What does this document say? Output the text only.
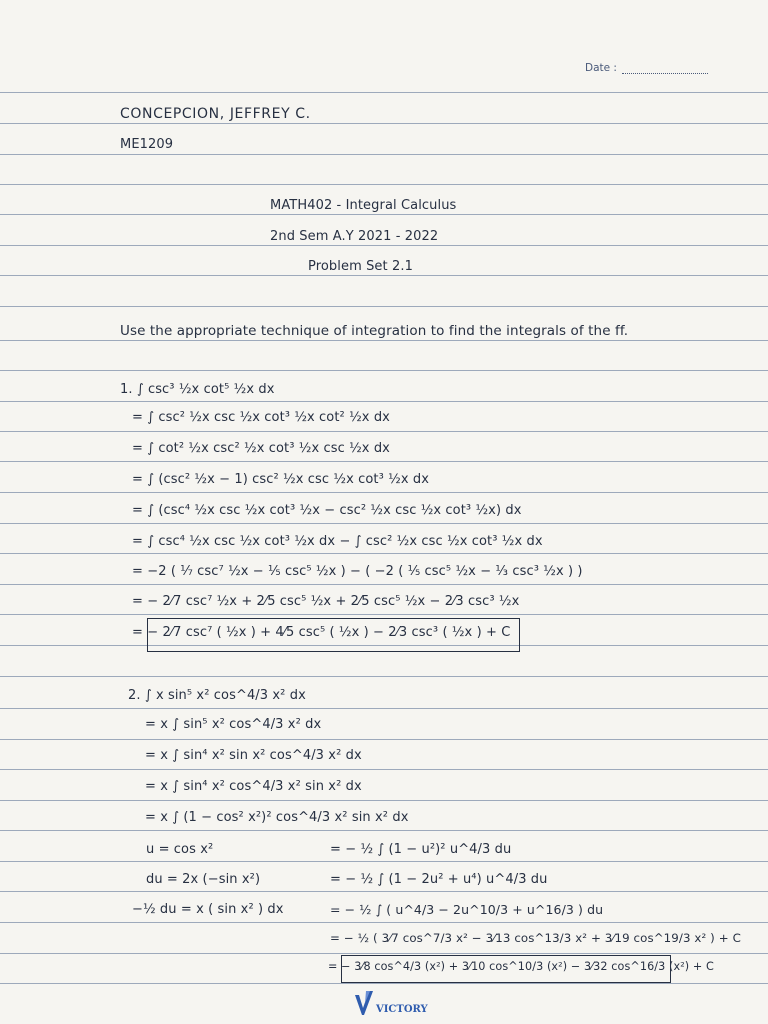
Date :
CONCEPCION, JEFFREY C.
ME1209
MATH402 - Integral Calculus
2nd Sem A.Y 2021 - 2022
Problem Set 2.1
Use the appropriate technique of integration to find the integrals of the ff.
1. ∫ csc³ ½x cot⁵ ½x dx
= ∫ csc² ½x csc ½x cot³ ½x cot² ½x dx
= ∫ cot² ½x csc² ½x cot³ ½x csc ½x dx
= ∫ (csc² ½x − 1) csc² ½x csc ½x cot³ ½x dx
= ∫ (csc⁴ ½x csc ½x cot³ ½x − csc² ½x csc ½x cot³ ½x) dx
= ∫ csc⁴ ½x csc ½x cot³ ½x dx − ∫ csc² ½x csc ½x cot³ ½x dx
= −2 ( ⅐ csc⁷ ½x − ⅕ csc⁵ ½x ) − ( −2 ( ⅕ csc⁵ ½x − ⅓ csc³ ½x ) )
= − 2⁄7 csc⁷ ½x + 2⁄5 csc⁵ ½x + 2⁄5 csc⁵ ½x − 2⁄3 csc³ ½x
= − 2⁄7 csc⁷ ( ½x ) + 4⁄5 csc⁵ ( ½x ) − 2⁄3 csc³ ( ½x ) + C
2. ∫ x sin⁵ x² cos^4/3 x² dx
= x ∫ sin⁵ x² cos^4/3 x² dx
= x ∫ sin⁴ x² sin x² cos^4/3 x² dx
= x ∫ sin⁴ x² cos^4/3 x² sin x² dx
= x ∫ (1 − cos² x²)² cos^4/3 x² sin x² dx
u = cos x²
du = 2x (−sin x²)
−½ du = x ( sin x² ) dx
= − ½ ∫ (1 − u²)² u^4/3 du
= − ½ ∫ (1 − 2u² + u⁴) u^4/3 du
= − ½ ∫ ( u^4/3 − 2u^10/3 + u^16/3 ) du
= − ½ ( 3⁄7 cos^7/3 x² − 3⁄13 cos^13/3 x² + 3⁄19 cos^19/3 x² ) + C
= − 3⁄8 cos^4/3 (x²) + 3⁄10 cos^10/3 (x²) − 3⁄32 cos^16/3 (x²) + C
VICTORY
